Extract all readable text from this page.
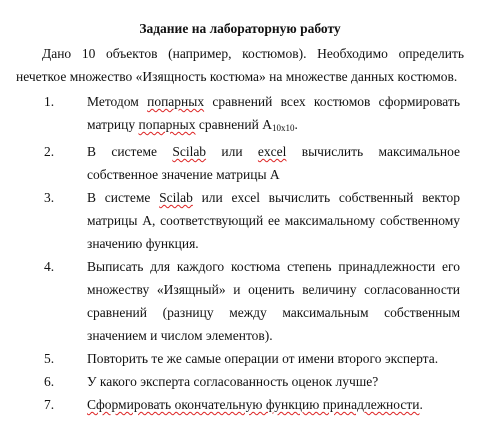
Задание на лабораторную работу

Дано 10 объектов (например, костюмов). Необходимо определить нечеткое множество «Изящность костюма» на множестве данных костюмов.

1.	Методом попарных сравнений всех костюмов сформировать матрицу попарных сравнений $A_{10x10}$.
2.	В системе Scilab или excel вычислить максимальное собственное значение матрицы A
3.	В системе Scilab или excel вычислить собственный вектор матрицы A, соответствующий ее максимальному собственному значению функция.
4.	Выписать для каждого костюма степень принадлежности его множеству «Изящный» и оценить величину согласованности сравнений (разницу между максимальным собственным значением и числом элементов).
5.	Повторить те же самые операции от имени второго эксперта.
6.	У какого эксперта согласованность оценок лучше?
7.	Сформировать окончательную функцию принадлежности.
